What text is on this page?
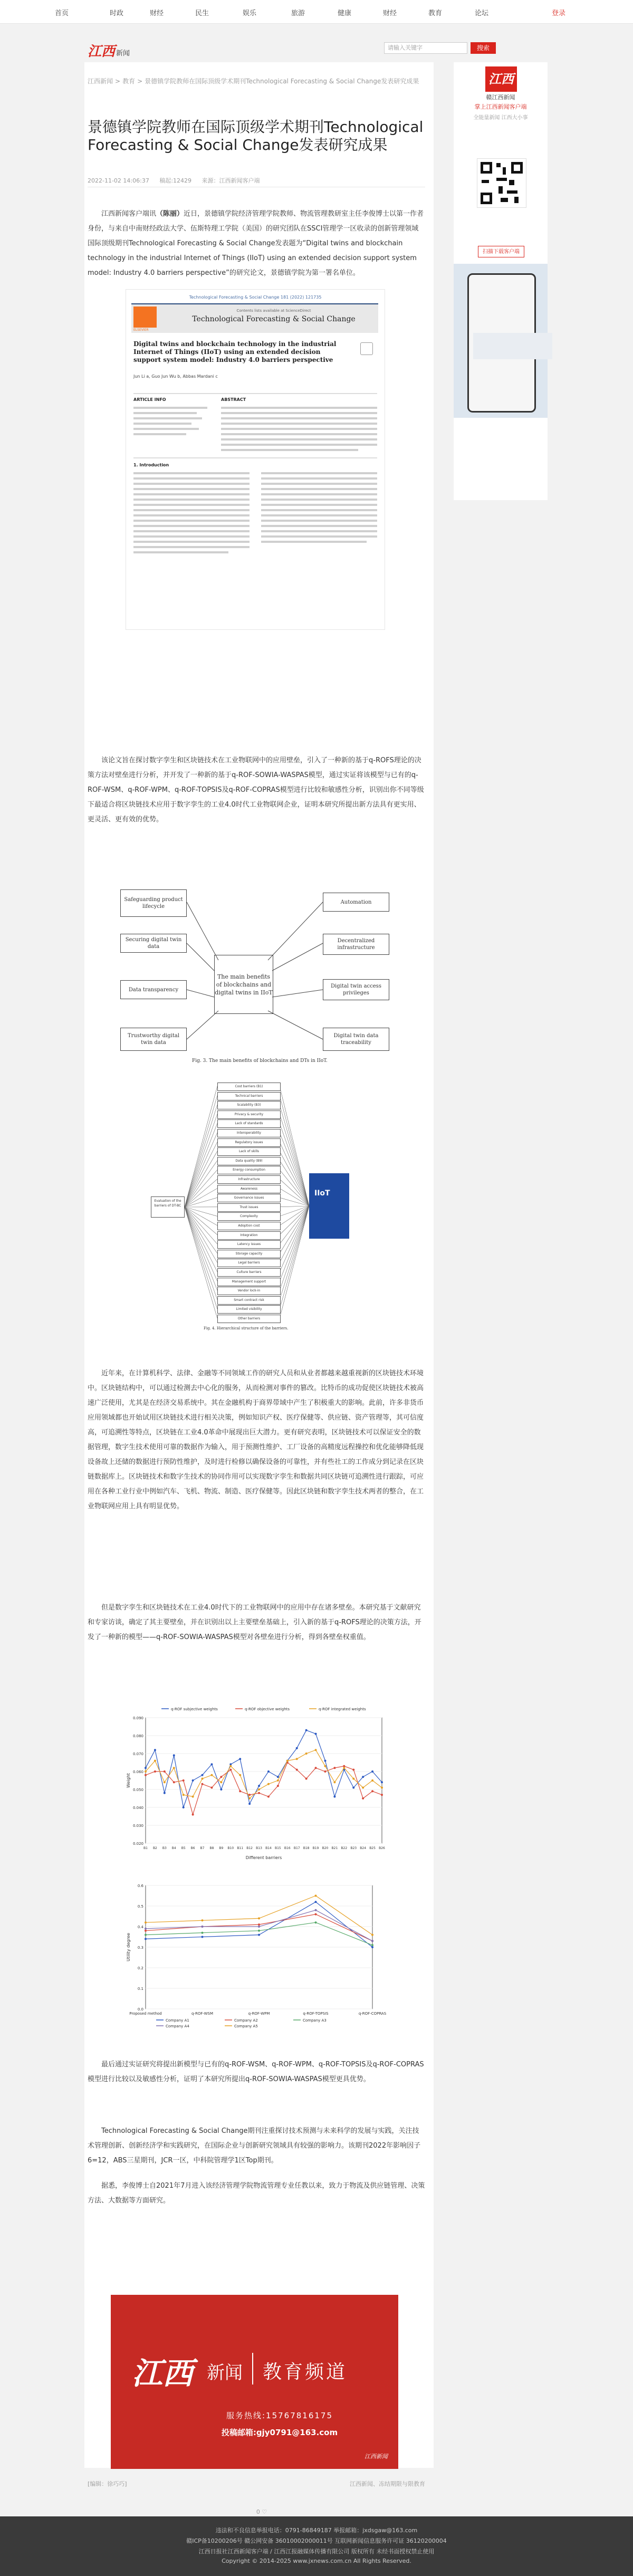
首页	时政	财经	民生	娱乐	旅游	健康	财经	教育	论坛	登录
江西 新闻
请输入关键字	搜索
江西新闻 > 教育 > 景德镇学院教师在国际顶级学术期刊Technological Forecasting & Social Change发表研究成果
景德镇学院教师在国际顶级学术期刊Technological Forecasting & Social Change发表研究成果
2022-11-02 14:06:37 稿起:12429 来源：江西新闻客户端

江西新闻客户端讯（陈丽）近日，景德镇学院经济管理学院教师、物流管理教研室主任李俊博士以第一作者身份，与来自中南财经政法大学、伍斯特理工学院（美国）的研究团队在SSCI管理学一区收录的创新管理领域国际顶级期刊Technological Forecasting & Social Change发表题为“Digital twins and blockchain technology in the industrial Internet of Things (IIoT) using an extended decision support system model: Industry 4.0 barriers perspective”的研究论文，景德镇学院为第一署名单位。

Technological Forecasting & Social Change 181 (2022) 121735
ELSEVIER
Contents lists available at ScienceDirect
Technological Forecasting & Social Change
Digital twins and blockchain technology in the industrial Internet of Things (IIoT) using an extended decision support system model: Industry 4.0 barriers perspective
Jun Li a, Guo Jun Wu b, Abbas Mardani c
ARTICLE INFO	ABSTRACT
1. Introduction

该论文旨在探讨数字孪生和区块链技术在工业物联网中的应用壁垒，引入了一种新的基于q-ROFS理论的决策方法对壁垒进行分析，并开发了一种新的基于q-ROF-SOWIA-WASPAS模型，通过实证将该模型与已有的q-ROF-WSM、q-ROF-WPM、q-ROF-TOPSIS及q-ROF-COPRAS模型进行比较和敏感性分析，识别出你不同等级下最适合将区块链技术应用于数字孪生的工业4.0时代工业物联网企业，证明本研究所提出新方法具有更实用、更灵活、更有效的优势。

Safeguarding product lifecycle
Securing digital twin data
Data transparency
Trustworthy digital twin data
The main benefits of blockchains and digital twins in IIoT
Automation
Decentralized infrastructure
Digital twin access privileges
Digital twin data traceability
Fig. 3. The main benefits of blockchains and DTs in IIoT.
Evaluation of the barriers of DT-BC
Cost barriers (B1)
Technical barriers
Scalability (B3)
Privacy & security
Lack of standards
Interoperability
Regulatory issues
Lack of skills
Data quality (B9)
Energy consumption
Infrastructure
Awareness
Governance issues
Trust issues
Complexity
Adoption cost
Integration
Latency issues
Storage capacity
Legal barriers
Culture barriers
Management support
Vendor lock-in
Smart contract risk
Limited visibility
Other barriers
IIoT
Fig. 4. Hierarchical structure of the barriers.

近年来，在计算机科学、法律、金融等不同领域工作的研究人员和从业者都越来越重视新的区块链技术环境中。区块链结构中，可以通过检测去中心化的服务，从而检测对事件的篡改。比特币的成功促使区块链技术被高速广泛使用，尤其是在经济交易系统中。其在金融机构于商界带域中产生了积极重大的影响。此前，许多非货币应用领域都也开始试用区块链技术进行相关决策，例如知识产权、医疗保健等、供应链、资产管理等，其可信度高，可追溯性等特点，区块链在工业4.0革命中展现出巨大潜力。更有研究表明，区块链技术可以保证安全的数据管理，数字生技术使用可靠的数据作为输入，用于预测性维护、工厂设备的高精度远程操控和优化能够降低现设备故上还储的数据进行预防性维护，及时进行检修以确保设备的可靠性，并有些社工的工作成分到记录在区块链数据库上。区块链技术和数字生技术的协同作用可以实现数字孪生和数据共同区块链可追溯性进行跟踪，可应用在各种工业行业中例如汽车、飞机、物流、制造、医疗保健等。因此区块链和数字孪生技术两者的整合，在工业物联网应用上具有明显优势。

但是数字孪生和区块链技术在工业4.0时代下的工业物联网中的应用中存在诸多壁垒。本研究基于文献研究和专家访谈，确定了其主要壁垒，并在识别出以上主要壁垒基础上，引入新的基于q-ROFS理论的决策方法，开发了一种新的模型——q-ROF-SOWIA-WASPAS模型对各壁垒进行分析，得到各壁垒权重值。

0.020
0.030
0.040
0.050
0.060
0.070
0.080
0.090
B1 B2 B3 B4 B5 B6 B7 B8 B9 B10 B11 B12 B13 B14 B15 B16 B17 B18 B19 B20 B21 B22 B23 B24 B25 B26
Different barriers
Weight
q-ROF subjective weights	q-ROF objective weights	q-ROF integrated weights
0.0
0.1
0.2
0.3
0.4
0.5
0.6
Proposed method	q-ROF-WSM	q-ROF-WPM	q-ROF-TOPSIS	q-ROF-COPRAS
Utility degree
Company A1	Company A2	Company A3
Company A4	Company A5

最后通过实证研究将提出新模型与已有的q-ROF-WSM、q-ROF-WPM、q-ROF-TOPSIS及q-ROF-COPRAS模型进行比较以及敏感性分析，证明了本研究所提出q-ROF-SOWIA-WASPAS模型更具优势。

Technological Forecasting & Social Change期刊注重探讨技术预测与未来科学的发展与实践，关注技术管理创新、创新经济学和实践研究，在国际企业与创新研究领域具有较强的影响力。该期刊2022年影响因子6=12，ABS三星期刊，JCR一区，中科院管理学1区Top期刊。

据悉，李俊博士自2021年7月进入该经济管理学院物流管理专业任教以来，致力于物流及供应链管理、决策方法、大数据等方面研究。

江西 新闻 教育频道
服务热线:15767816175
投稿邮箱:gjy0791@163.com
江西新闻
[编辑：徐巧巧]	江西新闻、冻结期限与限教育
0 ♡
江西
赣江西新闻
掌上江西新闻客户端
全能量新闻 江西大小事
扫描下载客户端
违法和不良信息举报电话：0791-86849187 举报邮箱：jxdsgaw@163.com
赣ICP备10200206号 赣公网安备 36010002000011号 互联网新闻信息服务许可证 36120200004
江西日报社江西新闻客户端 / 江西江报融媒体传播有限公司 版权所有 未经书面授权禁止使用
Copyright © 2014-2025 www.jxnews.com.cn All Rights Reserved.
